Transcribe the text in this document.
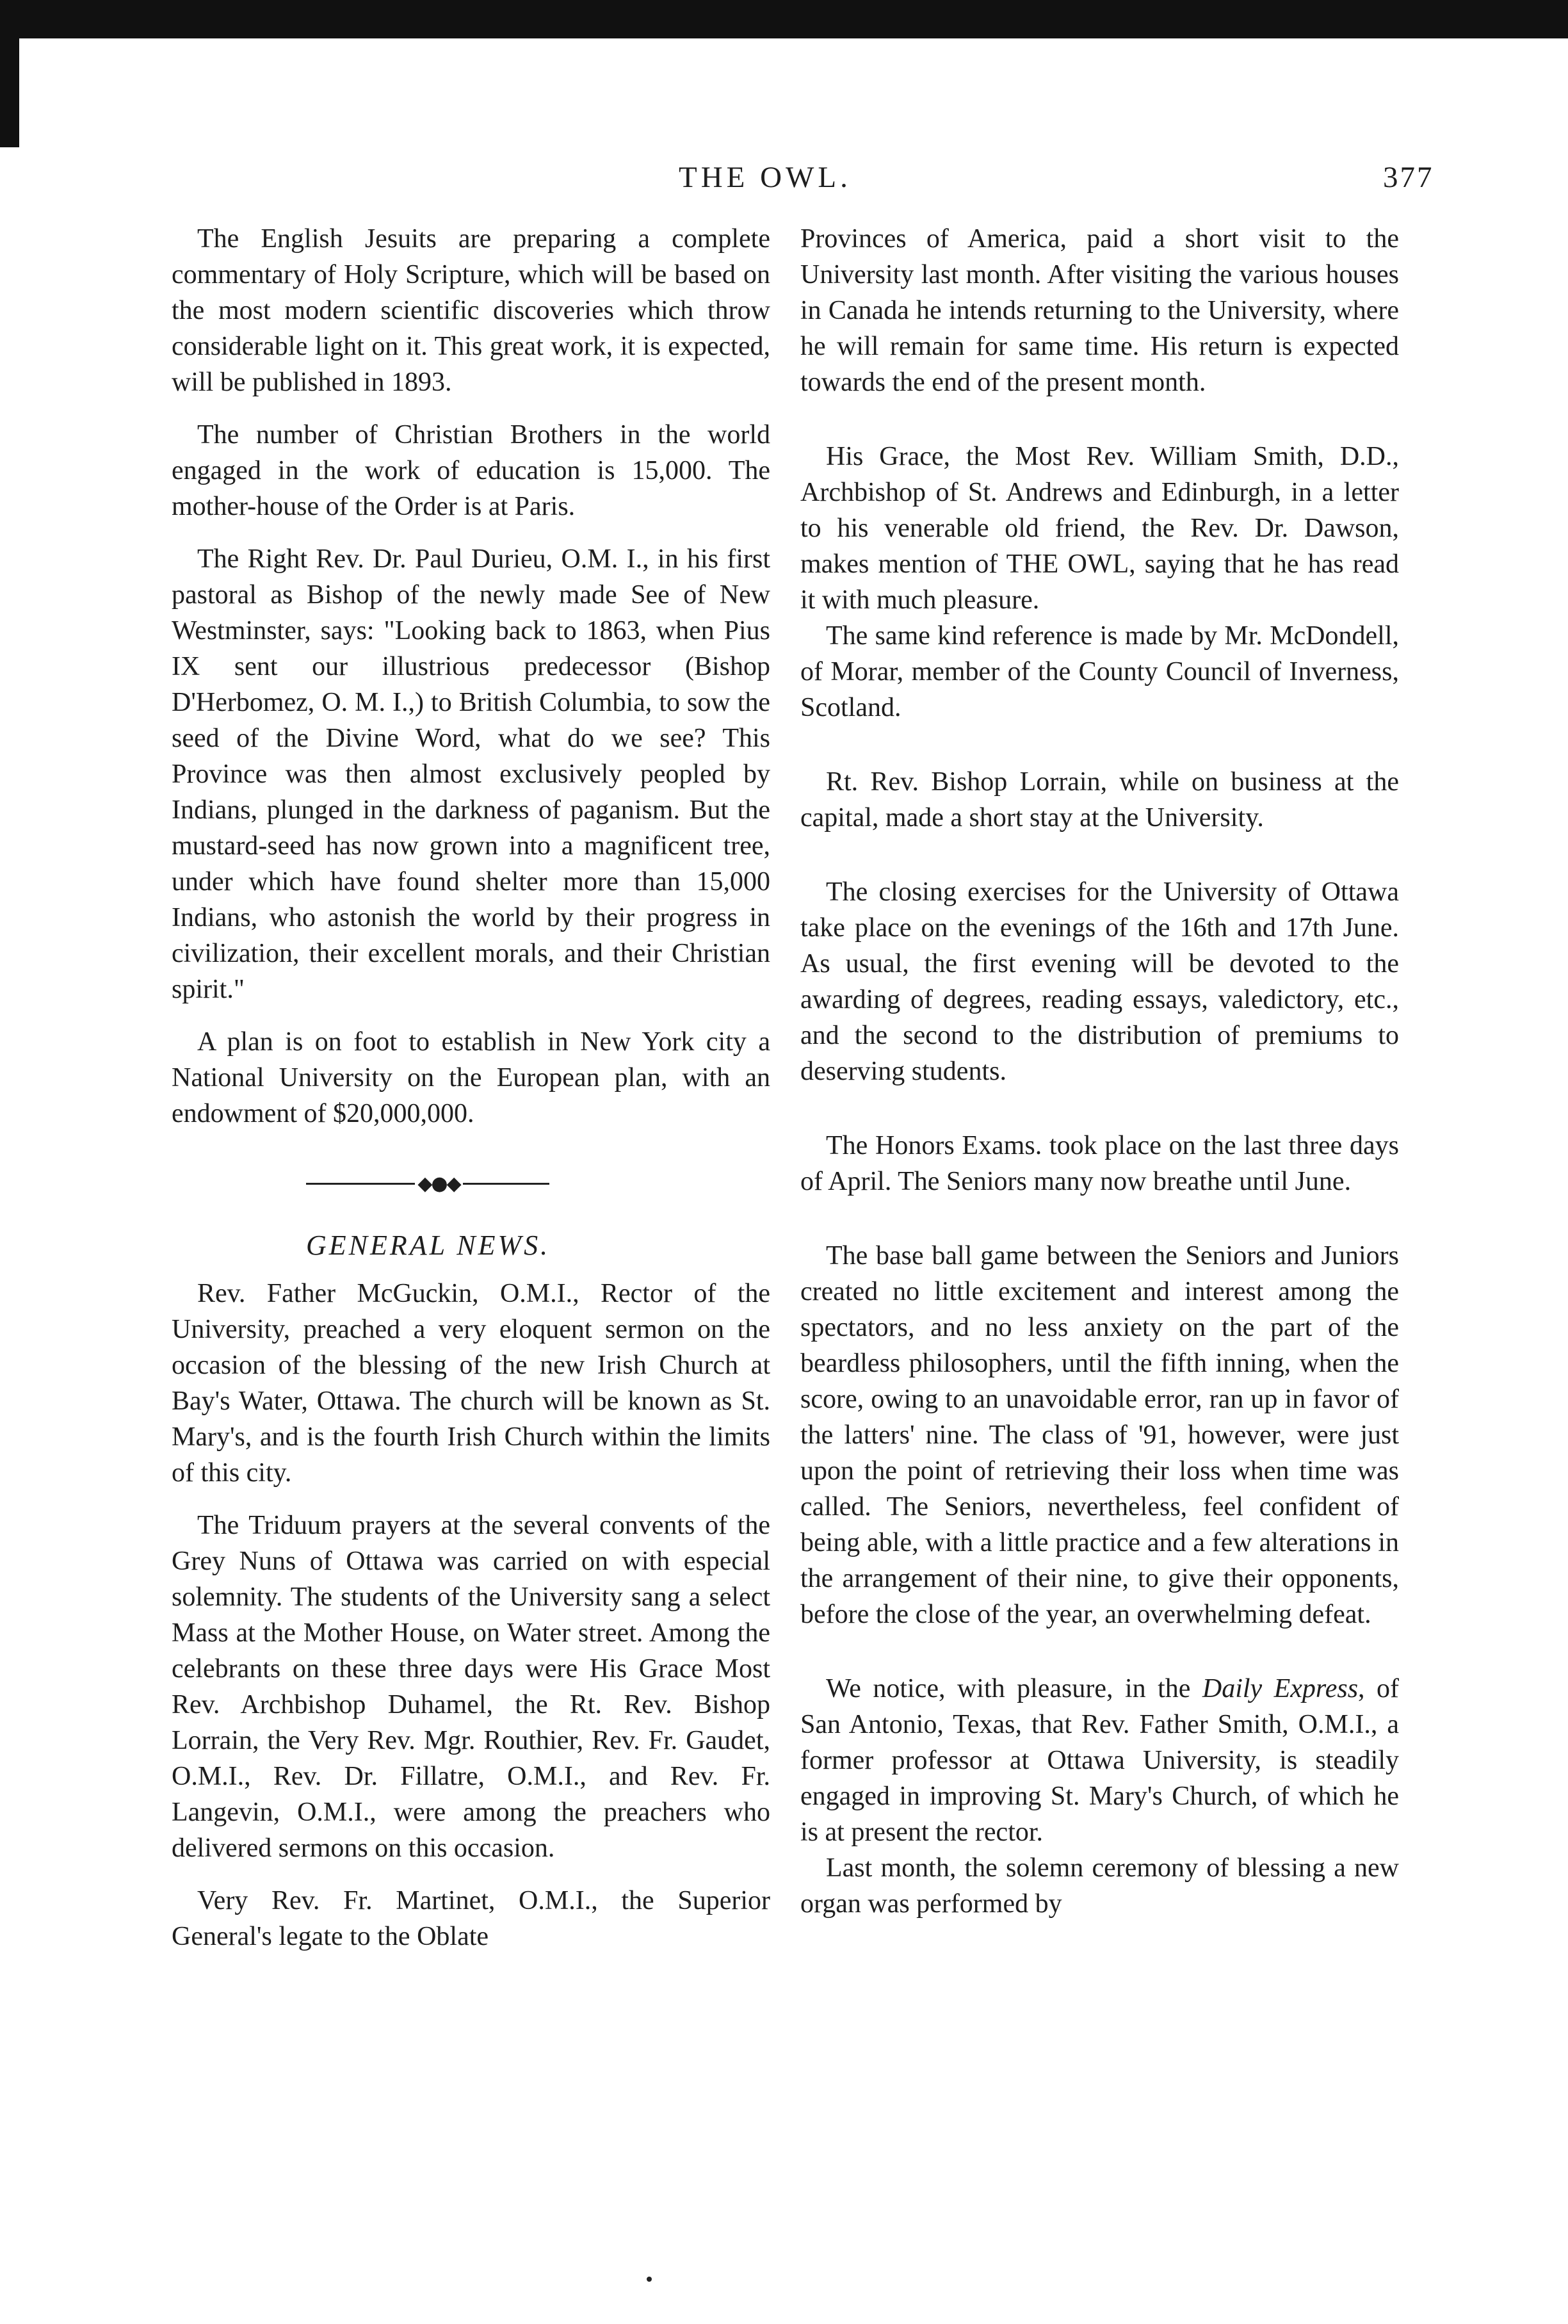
THE OWL.	377

The English Jesuits are preparing a complete commentary of Holy Scripture, which will be based on the most modern scientific discoveries which throw considerable light on it. This great work, it is expected, will be published in 1893.

The number of Christian Brothers in the world engaged in the work of education is 15,000. The mother-house of the Order is at Paris.

The Right Rev. Dr. Paul Durieu, O.M. I., in his first pastoral as Bishop of the newly made See of New Westminster, says: "Looking back to 1863, when Pius IX sent our illustrious predecessor (Bishop D'Herbomez, O. M. I.,) to British Columbia, to sow the seed of the Divine Word, what do we see? This Province was then almost exclusively peopled by Indians, plunged in the darkness of paganism. But the mustard-seed has now grown into a magnificent tree, under which have found shelter more than 15,000 Indians, who astonish the world by their progress in civilization, their excellent morals, and their Christian spirit."

A plan is on foot to establish in New York city a National University on the European plan, with an endowment of $20,000,000.

◆●◆
GENERAL NEWS.

Rev. Father McGuckin, O.M.I., Rector of the University, preached a very eloquent sermon on the occasion of the blessing of the new Irish Church at Bay's Water, Ottawa. The church will be known as St. Mary's, and is the fourth Irish Church within the limits of this city.

The Triduum prayers at the several convents of the Grey Nuns of Ottawa was carried on with especial solemnity. The students of the University sang a select Mass at the Mother House, on Water street. Among the celebrants on these three days were His Grace Most Rev. Archbishop Duhamel, the Rt. Rev. Bishop Lorrain, the Very Rev. Mgr. Routhier, Rev. Fr. Gaudet, O.M.I., Rev. Dr. Fillatre, O.M.I., and Rev. Fr. Langevin, O.M.I., were among the preachers who delivered sermons on this occasion.

Very Rev. Fr. Martinet, O.M.I., the Superior General's legate to the Oblate

Provinces of America, paid a short visit to the University last month. After visiting the various houses in Canada he intends returning to the University, where he will remain for same time. His return is expected towards the end of the present month.

His Grace, the Most Rev. William Smith, D.D., Archbishop of St. Andrews and Edinburgh, in a letter to his venerable old friend, the Rev. Dr. Dawson, makes mention of THE OWL, saying that he has read it with much pleasure.

The same kind reference is made by Mr. McDondell, of Morar, member of the County Council of Inverness, Scotland.

Rt. Rev. Bishop Lorrain, while on business at the capital, made a short stay at the University.

The closing exercises for the University of Ottawa take place on the evenings of the 16th and 17th June. As usual, the first evening will be devoted to the awarding of degrees, reading essays, valedictory, etc., and the second to the distribution of premiums to deserving students.

The Honors Exams. took place on the last three days of April. The Seniors many now breathe until June.

The base ball game between the Seniors and Juniors created no little excitement and interest among the spectators, and no less anxiety on the part of the beardless philosophers, until the fifth inning, when the score, owing to an unavoidable error, ran up in favor of the latters' nine. The class of '91, however, were just upon the point of retrieving their loss when time was called. The Seniors, nevertheless, feel confident of being able, with a little practice and a few alterations in the arrangement of their nine, to give their opponents, before the close of the year, an overwhelming defeat.

We notice, with pleasure, in the Daily Express, of San Antonio, Texas, that Rev. Father Smith, O.M.I., a former professor at Ottawa University, is steadily engaged in improving St. Mary's Church, of which he is at present the rector.

Last month, the solemn ceremony of blessing a new organ was performed by
